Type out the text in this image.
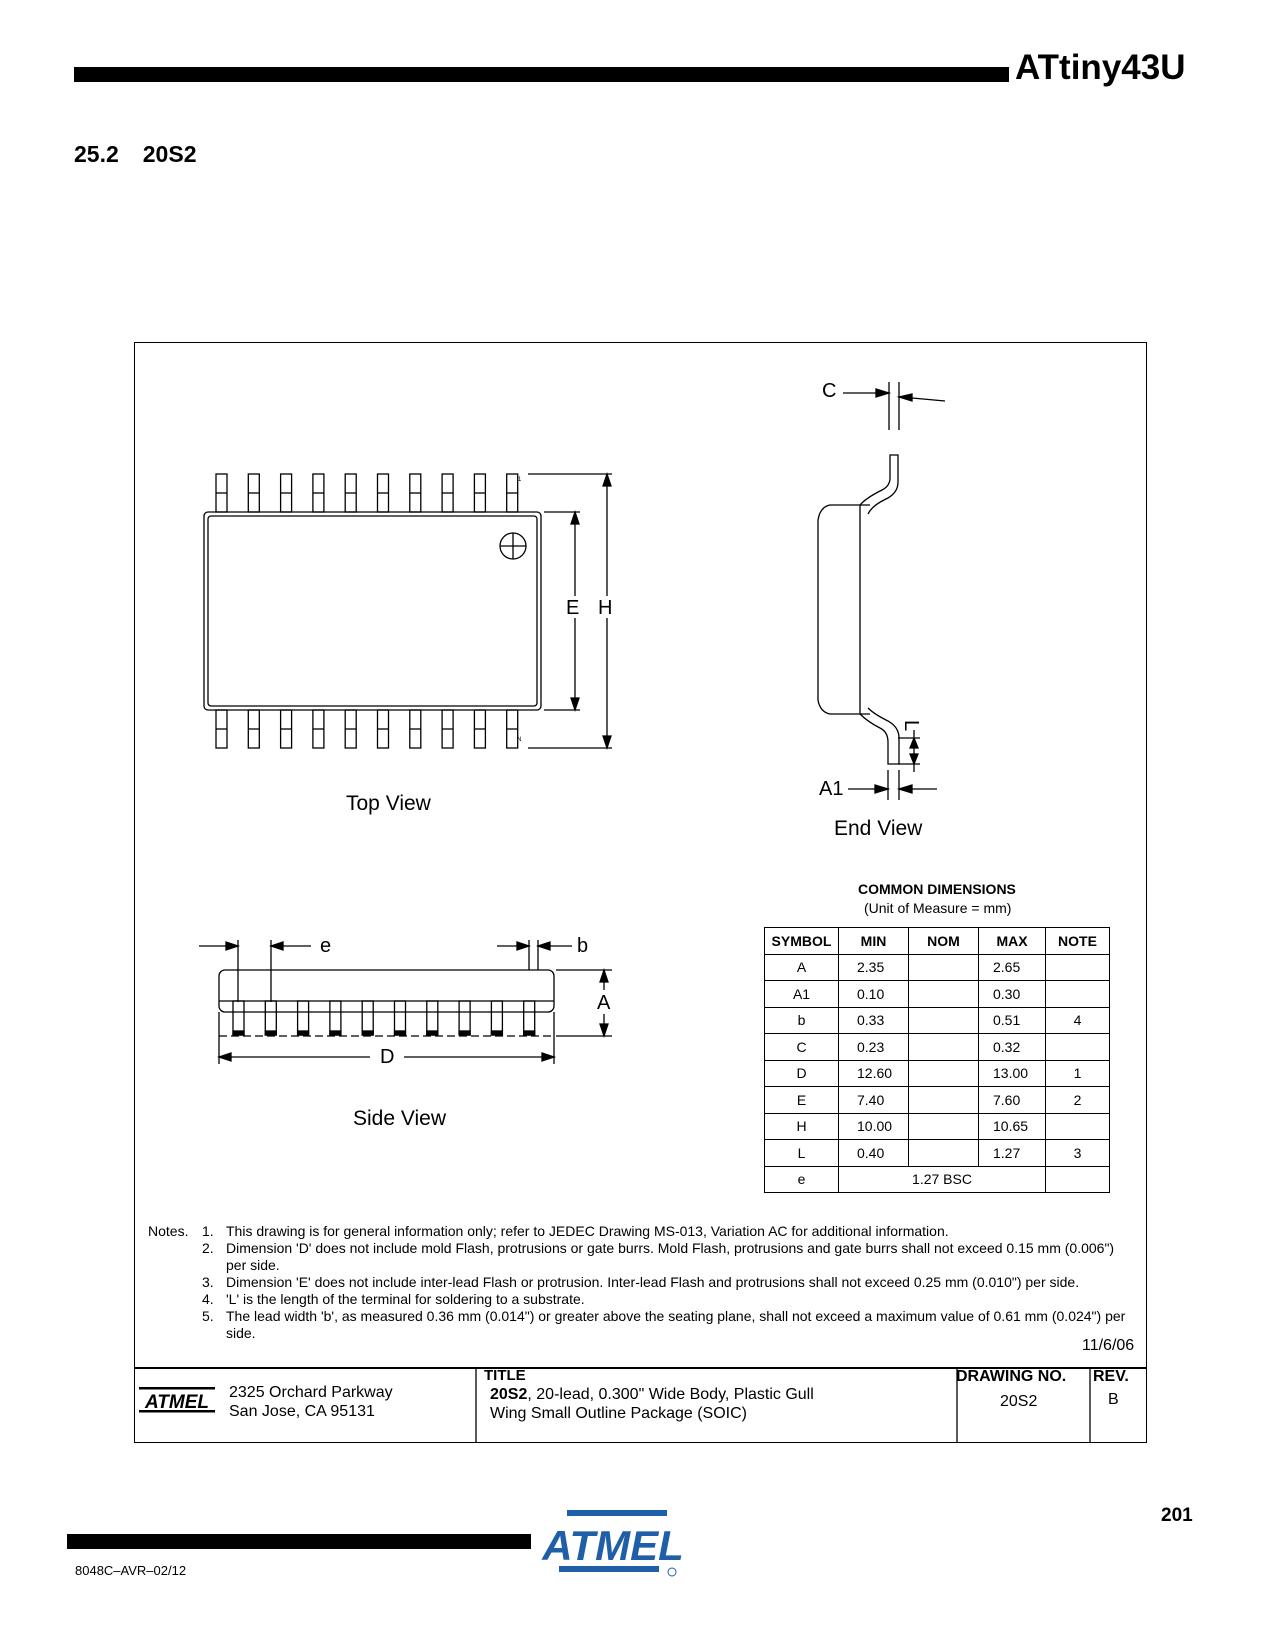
ATtiny43U
25.2 20S2
C
E H
L
A1
e	b
A
D
1
N
Top View
End View
Side View
COMMON DIMENSIONS
(Unit of Measure = mm)
SYMBOL	MIN	NOM	MAX	NOTE
A	2.35		2.65	
A1	0.10		0.30	
b	0.33		0.51	4
C	0.23		0.32	
D	12.60		13.00	1
E	7.40		7.60	2
H	10.00		10.65	
L	0.40		1.27	3
e	1.27 BSC			
Notes. 1. This drawing is for general information only; refer to JEDEC Drawing MS-013, Variation AC for additional information.
2. Dimension 'D' does not include mold Flash, protrusions or gate burrs. Mold Flash, protrusions and gate burrs shall not exceed 0.15 mm (0.006") per side.
3. Dimension 'E' does not include inter-lead Flash or protrusion. Inter-lead Flash and protrusions shall not exceed 0.25 mm (0.010") per side.
4. 'L' is the length of the terminal for soldering to a substrate.
5. The lead width 'b', as measured 0.36 mm (0.014") or greater above the seating plane, shall not exceed a maximum value of 0.61 mm (0.024") per side.
11/6/06
ATMEL 2325 Orchard Parkway
San Jose, CA 95131
TITLE
20S2, 20-lead, 0.300" Wide Body, Plastic Gull
Wing Small Outline Package (SOIC)
DRAWING NO.
20S2
REV.
B
ATMEL
201
8048C–AVR–02/12
